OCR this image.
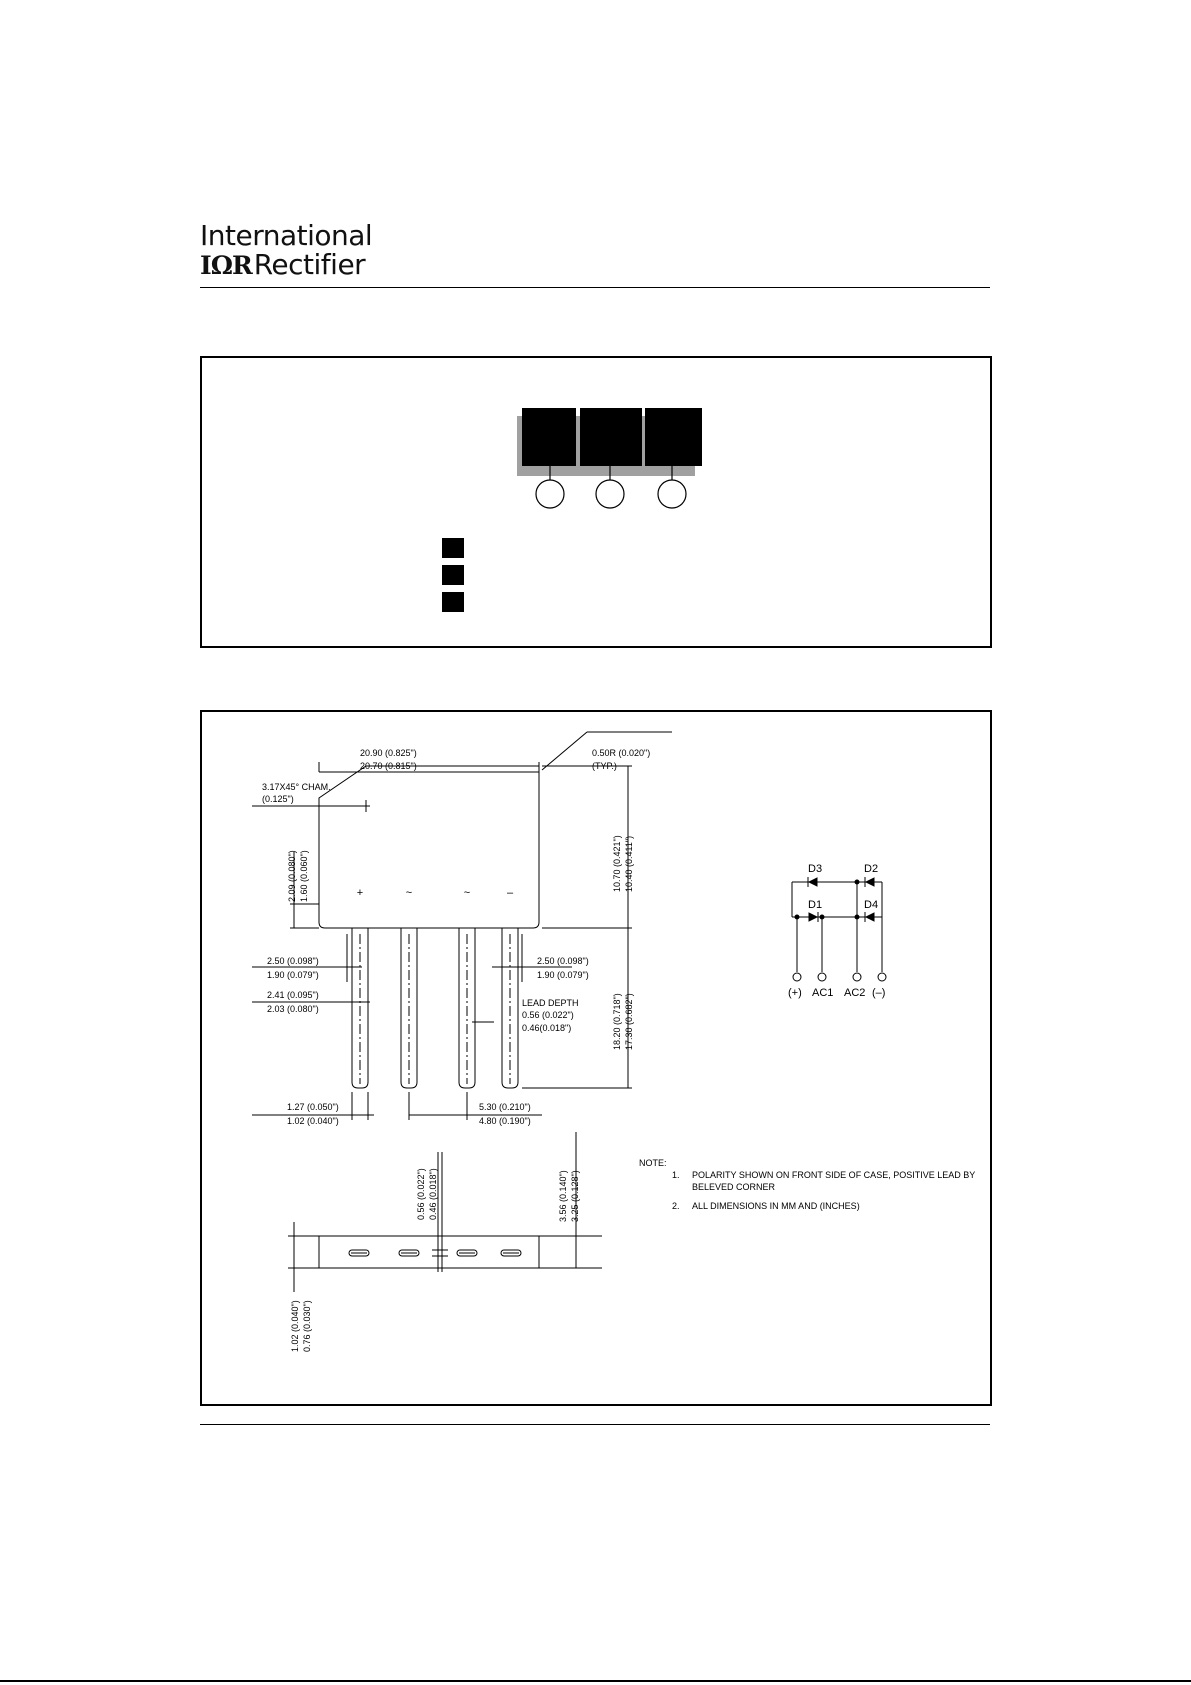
International
IΩR Rectifier
+	~	~	–
20.90 (0.825")
20.70 (0.815")
0.50R (0.020")
(TYP.)
3.17X45° CHAM.
(0.125")
10.70 (0.421") 10.40 (0.411")
18.20 (0.718") 17.30 (0.682")
2.09 (0.080") 1.60 (0.060")
2.50 (0.098")
1.90 (0.079")
2.41 (0.095")
2.03 (0.080")
2.50 (0.098")
1.90 (0.079")
LEAD DEPTH
0.56 (0.022")
0.46(0.018")
1.27 (0.050")
1.02 (0.040")
5.30 (0.210")
4.80 (0.190")
0.56 (0.022") 0.46 (0.018")	3.56 (0.140") 3.25 (0.128")
1.02 (0.040") 0.76 (0.030")
D3	D2
D1	D4
(+) AC1 AC2 (–)
NOTE:
1. POLARITY SHOWN ON FRONT SIDE OF CASE, POSITIVE LEAD BY
BELEVED CORNER
2. ALL DIMENSIONS IN MM AND (INCHES)
